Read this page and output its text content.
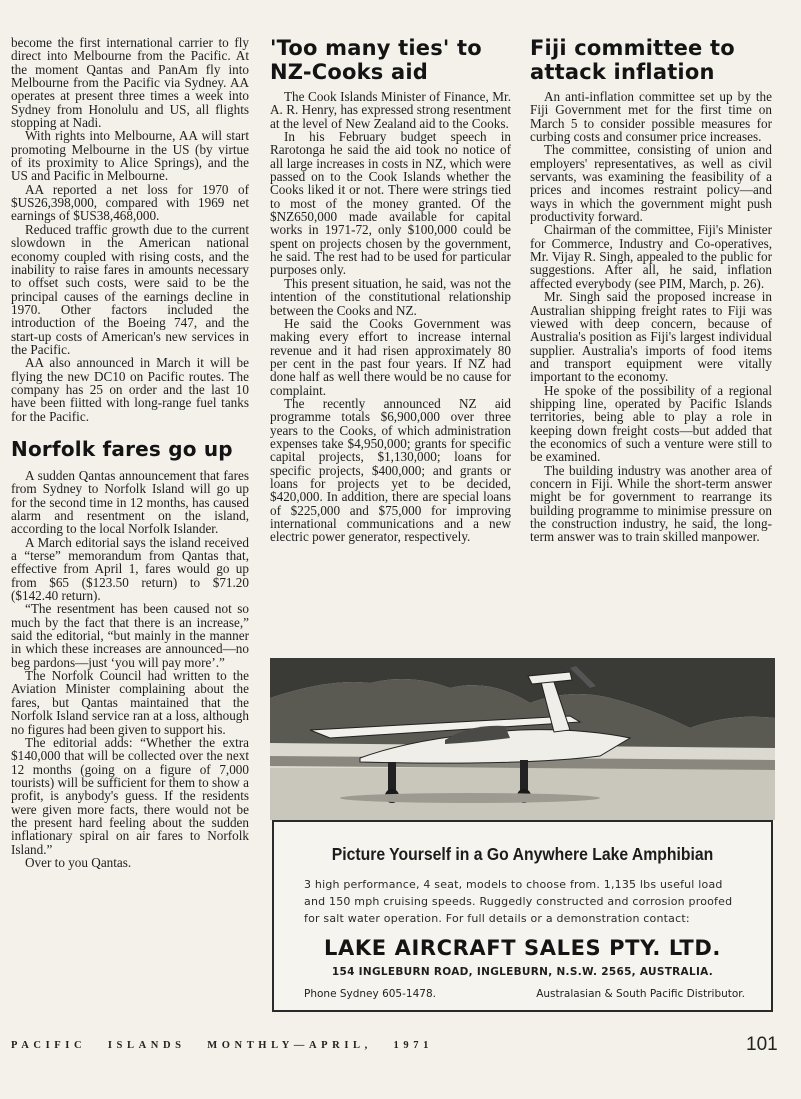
become the first international carrier to fly direct into Melbourne from the Pacific. At the moment Qantas and PanAm fly into Melbourne from the Pacific via Sydney. AA operates at present three times a week into Sydney from Honolulu and US, all flights stopping at Nadi.

With rights into Melbourne, AA will start promoting Melbourne in the US (by virtue of its proximity to Alice Springs), and the US and Pacific in Melbourne.

AA reported a net loss for 1970 of $US26,398,000, compared with 1969 net earnings of $US38,468,000.

Reduced traffic growth due to the current slowdown in the American national economy coupled with rising costs, and the inability to raise fares in amounts necessary to offset such costs, were said to be the principal causes of the earnings decline in 1970. Other factors included the introduction of the Boeing 747, and the start-up costs of American's new services in the Pacific.

AA also announced in March it will be flying the new DC10 on Pacific routes. The company has 25 on order and the last 10 have been fiitted with long-range fuel tanks for the Pacific.

Norfolk fares go up

A sudden Qantas announcement that fares from Sydney to Norfolk Island will go up for the second time in 12 months, has caused alarm and resentment on the island, according to the local Norfolk Islander.

A March editorial says the island received a “terse” memorandum from Qantas that, effective from April 1, fares would go up from $65 ($123.50 return) to $71.20 ($142.40 return).

“The resentment has been caused not so much by the fact that there is an increase,” said the editorial, “but mainly in the manner in which these increases are announced—no beg pardons—just ‘you will pay more’.”

The Norfolk Council had written to the Aviation Minister complaining about the fares, but Qantas maintained that the Norfolk Island service ran at a loss, although no figures had been given to support his.

The editorial adds: “Whether the extra $140,000 that will be collected over the next 12 months (going on a figure of 7,000 tourists) will be sufficient for them to show a profit, is anybody's guess. If the residents were given more facts, there would not be the present hard feeling about the sudden inflationary spiral on air fares to Norfolk Island.”

Over to you Qantas.

'Too many ties' to NZ-Cooks aid

The Cook Islands Minister of Finance, Mr. A. R. Henry, has expressed strong resentment at the level of New Zealand aid to the Cooks.

In his February budget speech in Rarotonga he said the aid took no notice of all large increases in costs in NZ, which were passed on to the Cook Islands whether the Cooks liked it or not. There were strings tied to most of the money granted. Of the $NZ650,000 made available for capital works in 1971-72, only $100,000 could be spent on projects chosen by the government, he said. The rest had to be used for particular purposes only.

This present situation, he said, was not the intention of the constitutional relationship between the Cooks and NZ.

He said the Cooks Government was making every effort to increase internal revenue and it had risen approximately 80 per cent in the past four years. If NZ had done half as well there would be no cause for complaint.

The recently announced NZ aid programme totals $6,900,000 over three years to the Cooks, of which administration expenses take $4,950,000; grants for specific capital projects, $1,130,000; loans for specific projects, $400,000; and grants or loans for projects yet to be decided, $420,000. In addition, there are special loans of $225,000 and $75,000 for improving international communications and a new electric power generator, respectively.

Fiji committee to attack inflation

An anti-inflation committee set up by the Fiji Government met for the first time on March 5 to consider possible measures for curbing costs and consumer price increases.

The committee, consisting of union and employers' representatives, as well as civil servants, was examining the feasibility of a prices and incomes restraint policy—and ways in which the government might push productivity forward.

Chairman of the committee, Fiji's Minister for Commerce, Industry and Co-operatives, Mr. Vijay R. Singh, appealed to the public for suggestions. After all, he said, inflation affected everybody (see PIM, March, p. 26).

Mr. Singh said the proposed increase in Australian shipping freight rates to Fiji was viewed with deep concern, because of Australia's position as Fiji's largest individual supplier. Australia's imports of food items and transport equipment were vitally important to the economy.

He spoke of the possibility of a regional shipping line, operated by Pacific Islands territories, being able to play a role in keeping down freight costs—but added that the economics of such a venture were still to be examined.

The building industry was another area of concern in Fiji. While the short-term answer might be for government to rearrange its building programme to minimise pressure on the construction industry, he said, the long-term answer was to train skilled manpower.

Picture Yourself in a Go Anywhere Lake Amphibian
3 high performance, 4 seat, models to choose from. 1,135 lbs useful load and 150 mph cruising speeds. Ruggedly constructed and corrosion proofed for salt water operation. For full details or a demonstration contact:
LAKE AIRCRAFT SALES PTY. LTD.
154 INGLEBURN ROAD, INGLEBURN, N.S.W. 2565, AUSTRALIA.
Phone Sydney 605-1478.	Australasian & South Pacific Distributor.
PACIFIC   ISLANDS   MONTHLY—APRIL,   1971	101
